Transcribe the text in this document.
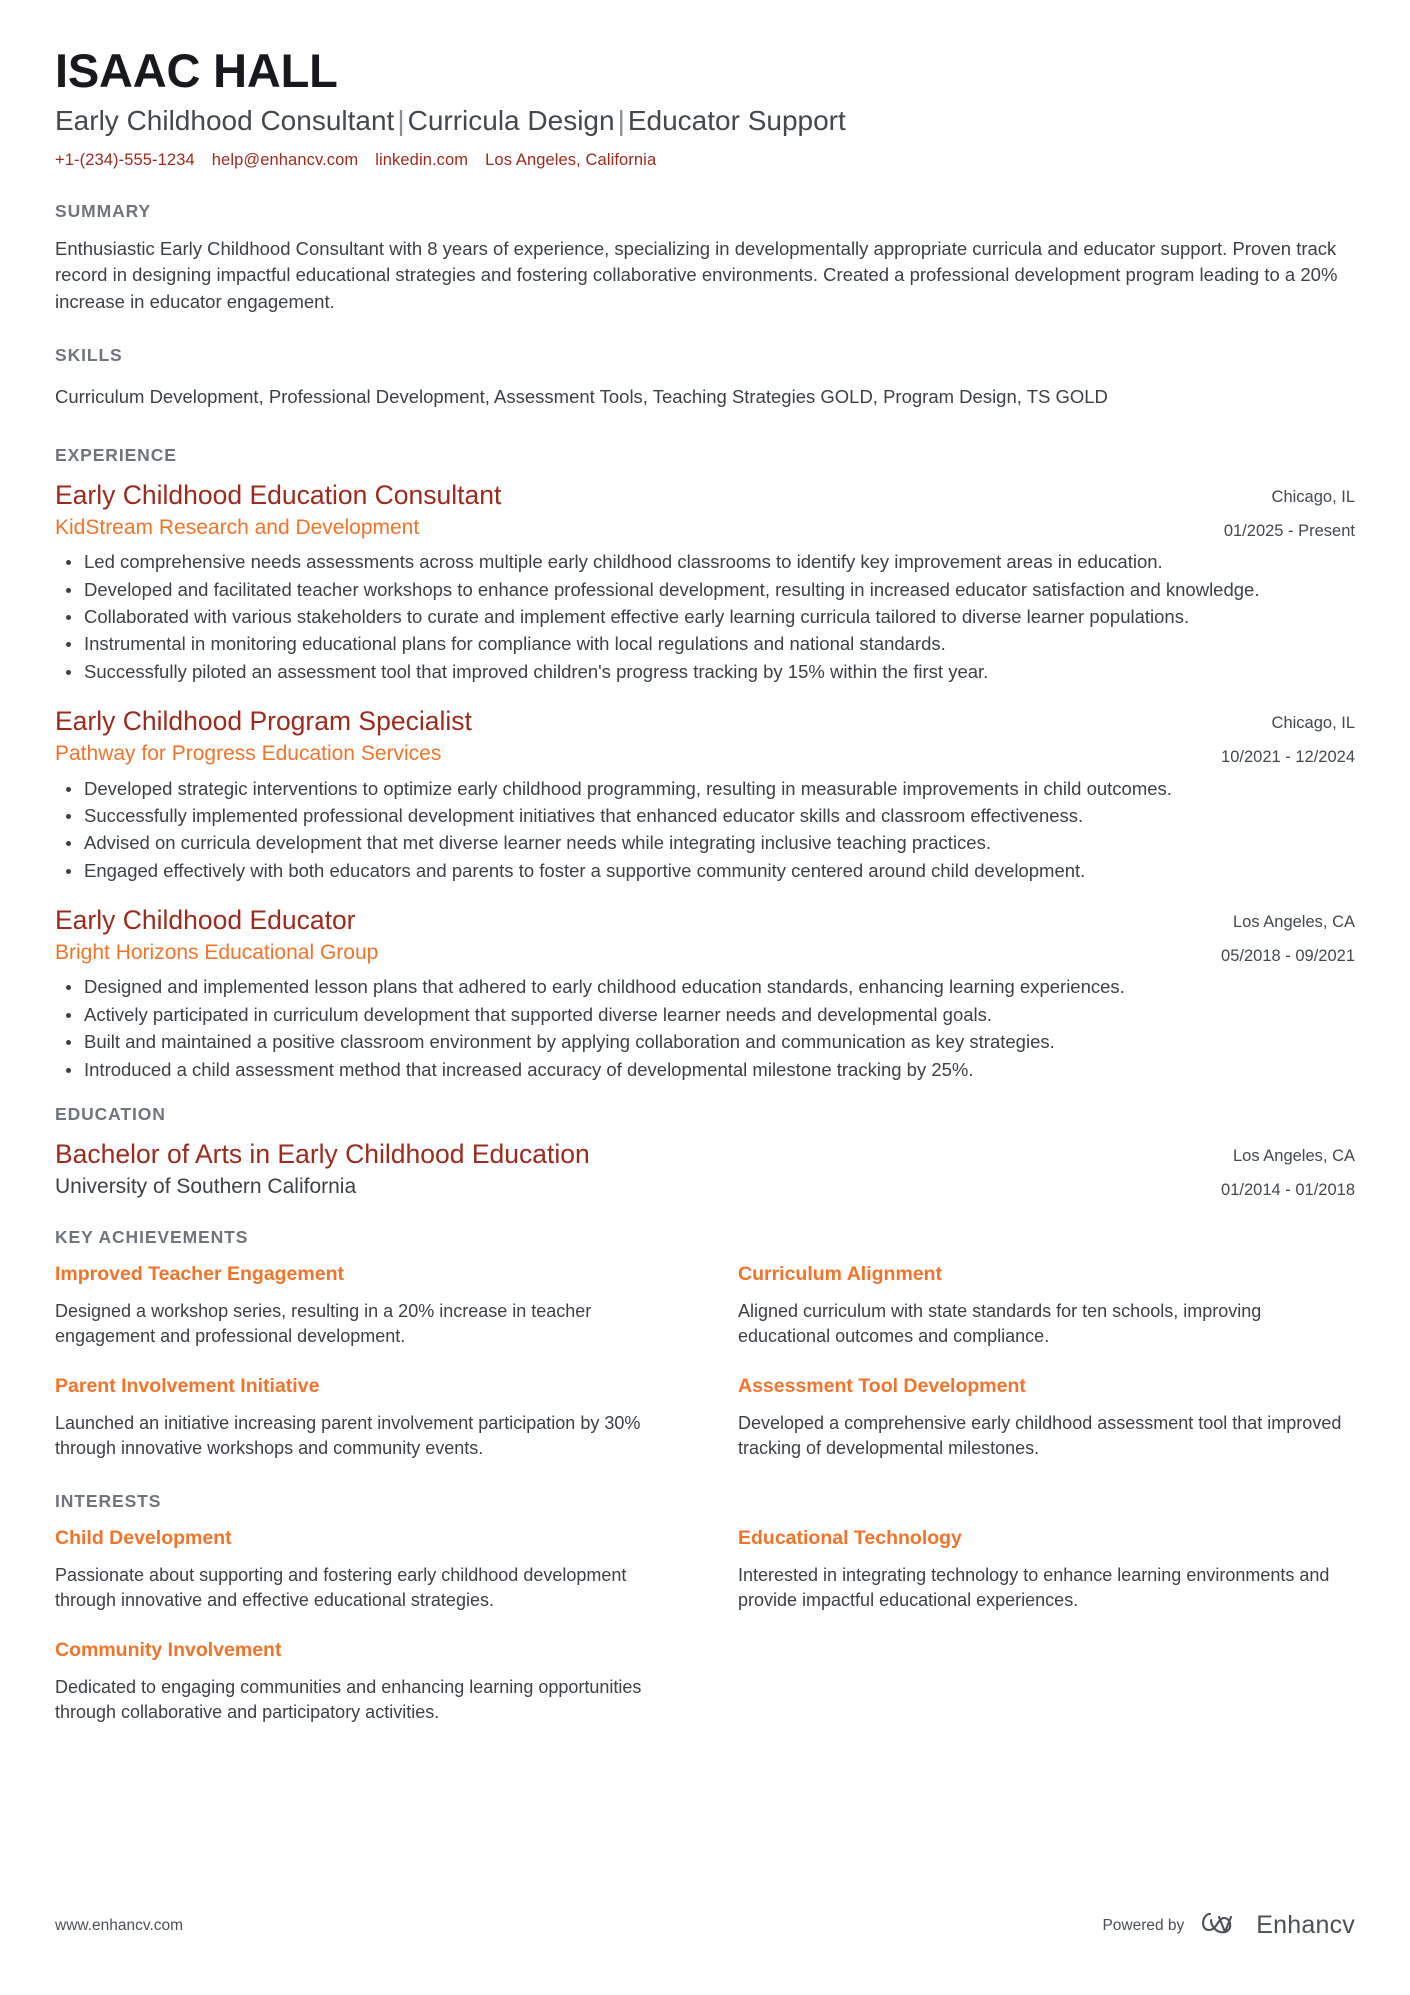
ISAAC HALL
Early Childhood Consultant | Curricula Design | Educator Support
+1-(234)-555-1234 help@enhancv.com linkedin.com Los Angeles, California
SUMMARY

Enthusiastic Early Childhood Consultant with 8 years of experience, specializing in developmentally appropriate curricula and educator support. Proven track record in designing impactful educational strategies and fostering collaborative environments. Created a professional development program leading to a 20% increase in educator engagement.

SKILLS

Curriculum Development, Professional Development, Assessment Tools, Teaching Strategies GOLD, Program Design, TS GOLD

EXPERIENCE
Early Childhood Education Consultant
KidStream Research and Development
Chicago, IL
01/2025 - Present
Led comprehensive needs assessments across multiple early childhood classrooms to identify key improvement areas in education.
Developed and facilitated teacher workshops to enhance professional development, resulting in increased educator satisfaction and knowledge.
Collaborated with various stakeholders to curate and implement effective early learning curricula tailored to diverse learner populations.
Instrumental in monitoring educational plans for compliance with local regulations and national standards.
Successfully piloted an assessment tool that improved children's progress tracking by 15% within the first year.
Early Childhood Program Specialist
Pathway for Progress Education Services
Chicago, IL
10/2021 - 12/2024
Developed strategic interventions to optimize early childhood programming, resulting in measurable improvements in child outcomes.
Successfully implemented professional development initiatives that enhanced educator skills and classroom effectiveness.
Advised on curricula development that met diverse learner needs while integrating inclusive teaching practices.
Engaged effectively with both educators and parents to foster a supportive community centered around child development.
Early Childhood Educator
Bright Horizons Educational Group
Los Angeles, CA
05/2018 - 09/2021
Designed and implemented lesson plans that adhered to early childhood education standards, enhancing learning experiences.
Actively participated in curriculum development that supported diverse learner needs and developmental goals.
Built and maintained a positive classroom environment by applying collaboration and communication as key strategies.
Introduced a child assessment method that increased accuracy of developmental milestone tracking by 25%.
EDUCATION
Bachelor of Arts in Early Childhood Education
University of Southern California
Los Angeles, CA
01/2014 - 01/2018
KEY ACHIEVEMENTS
Improved Teacher Engagement

Designed a workshop series, resulting in a 20% increase in teacher engagement and professional development.

Curriculum Alignment

Aligned curriculum with state standards for ten schools, improving educational outcomes and compliance.

Parent Involvement Initiative

Launched an initiative increasing parent involvement participation by 30% through innovative workshops and community events.

Assessment Tool Development

Developed a comprehensive early childhood assessment tool that improved tracking of developmental milestones.

INTERESTS
Child Development

Passionate about supporting and fostering early childhood development through innovative and effective educational strategies.

Educational Technology

Interested in integrating technology to enhance learning environments and provide impactful educational experiences.

Community Involvement

Dedicated to engaging communities and enhancing learning opportunities through collaborative and participatory activities.

www.enhancv.com	Powered by	Enhancv
